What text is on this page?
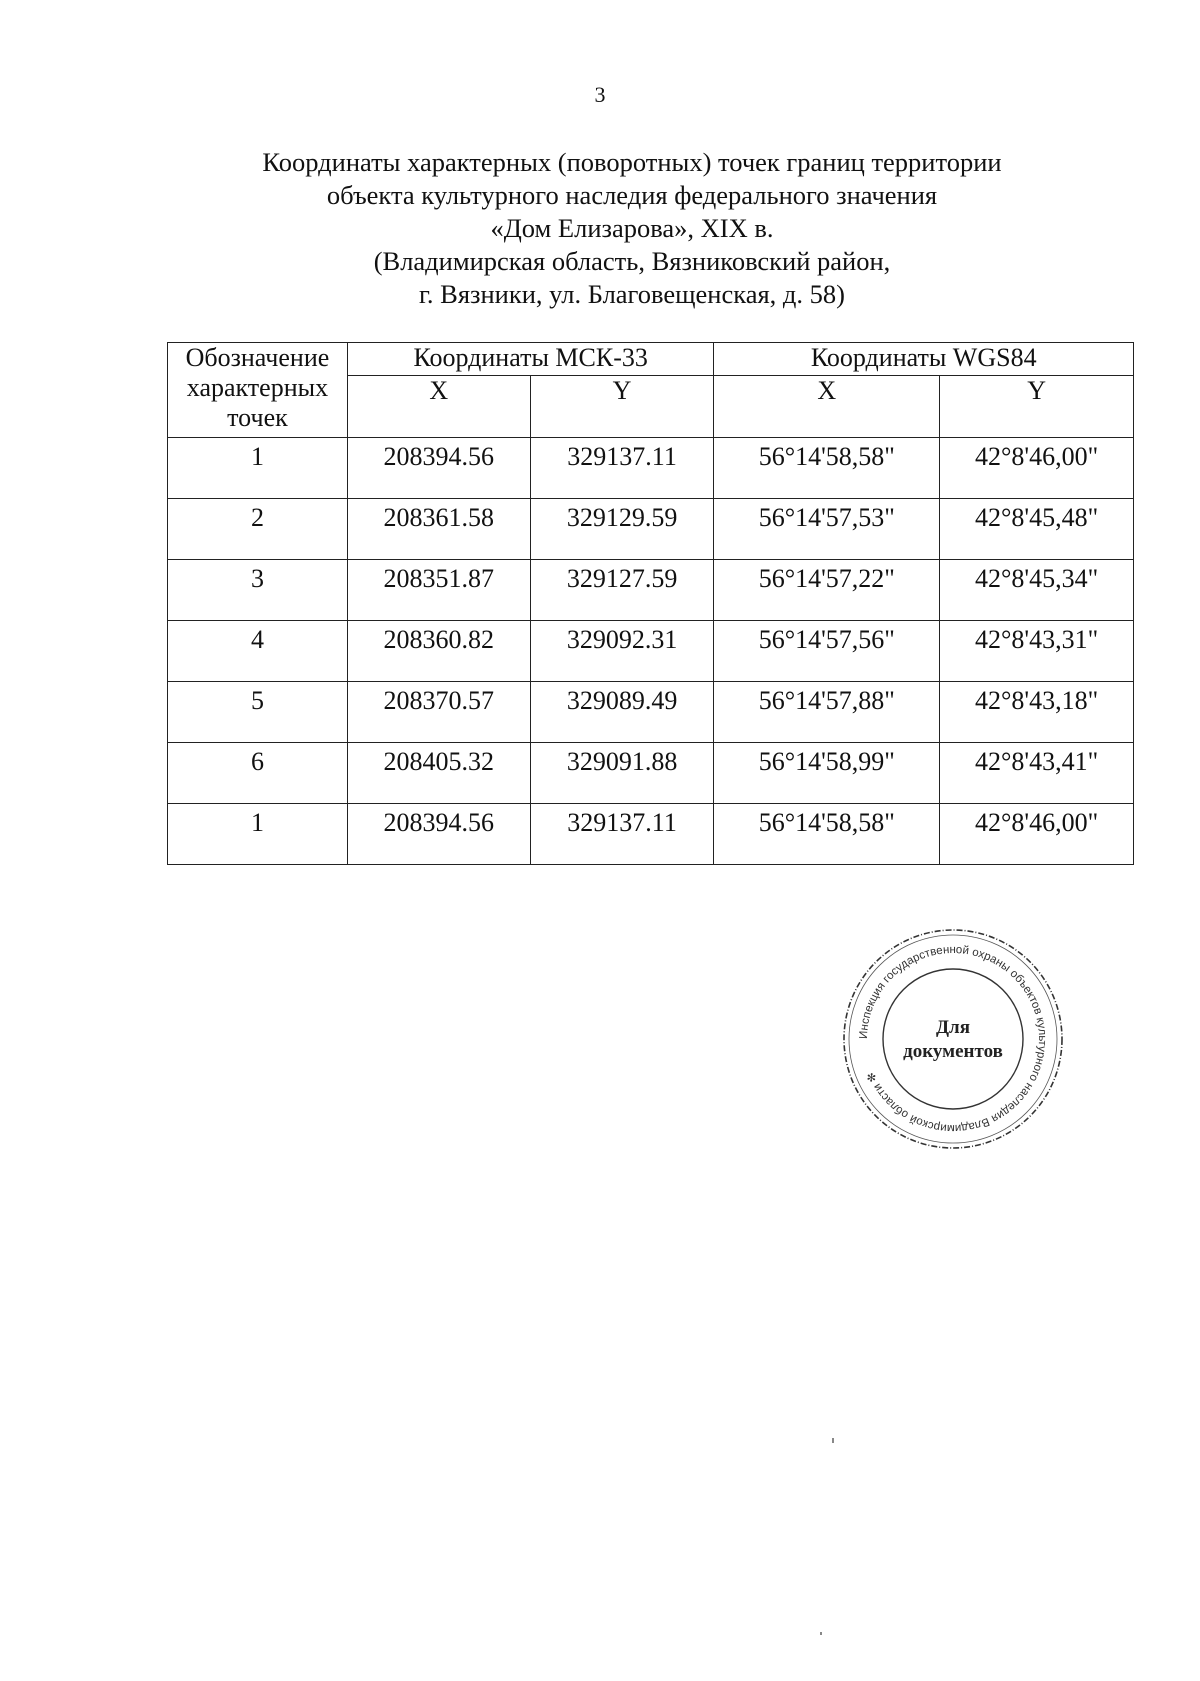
3
Координаты характерных (поворотных) точек границ территории
объекта культурного наследия федерального значения
«Дом Елизарова», XIX в.
(Владимирская область, Вязниковский район,
г. Вязники, ул. Благовещенская, д. 58)
Обозначение
характерных
точек	Координаты МСК-33		Координаты WGS84	
	X	Y	X	Y
1	208394.56	329137.11	56°14'58,58"	42°8'46,00"
2	208361.58	329129.59	56°14'57,53"	42°8'45,48"
3	208351.87	329127.59	56°14'57,22"	42°8'45,34"
4	208360.82	329092.31	56°14'57,56"	42°8'43,31"
5	208370.57	329089.49	56°14'57,88"	42°8'43,18"
6	208405.32	329091.88	56°14'58,99"	42°8'43,41"
1	208394.56	329137.11	56°14'58,58"	42°8'46,00"
Инспекция государственной охраны объектов культурного наследия Владимирской области ✻
Для
документов
